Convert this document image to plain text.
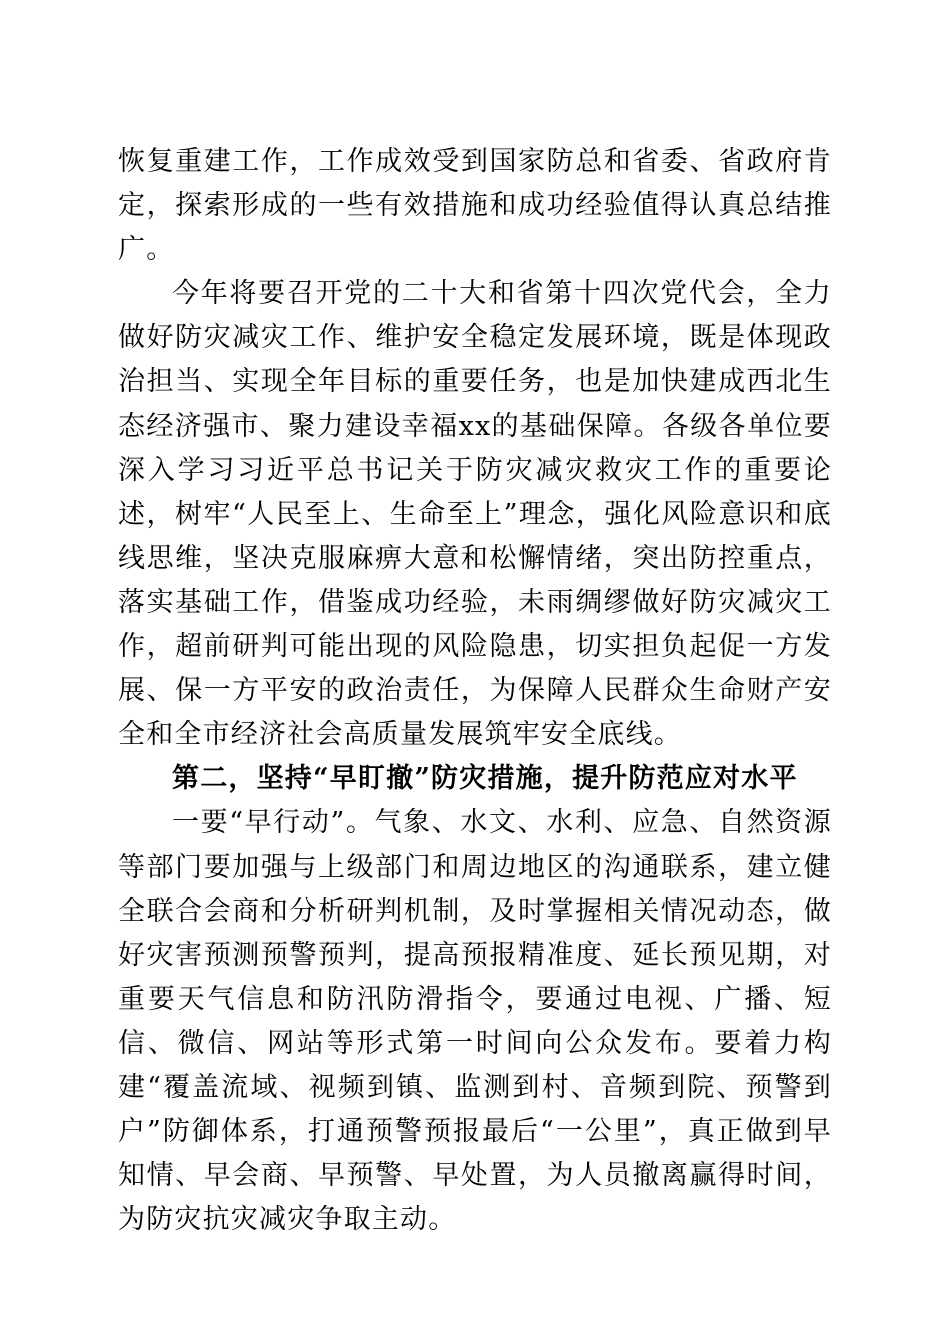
恢复重建工作，工作成效受到国家防总和省委、省政府肯定，探索形成的一些有效措施和成功经验值得认真总结推广。

今年将要召开党的二十大和省第十四次党代会，全力做好防灾减灾工作、维护安全稳定发展环境，既是体现政治担当、实现全年目标的重要任务，也是加快建成西北生态经济强市、聚力建设幸福xx的基础保障。各级各单位要深入学习习近平总书记关于防灾减灾救灾工作的重要论述，树牢“人民至上、生命至上”理念，强化风险意识和底线思维，坚决克服麻痹大意和松懈情绪，突出防控重点，落实基础工作，借鉴成功经验，未雨绸缪做好防灾减灾工作，超前研判可能出现的风险隐患，切实担负起促一方发展、保一方平安的政治责任，为保障人民群众生命财产安全和全市经济社会高质量发展筑牢安全底线。

第二，坚持“早盯撤”防灾措施，提升防范应对水平

一要“早行动”。气象、水文、水利、应急、自然资源等部门要加强与上级部门和周边地区的沟通联系，建立健全联合会商和分析研判机制，及时掌握相关情况动态，做好灾害预测预警预判，提高预报精准度、延长预见期，对重要天气信息和防汛防滑指令，要通过电视、广播、短信、微信、网站等形式第一时间向公众发布。要着力构建“覆盖流域、视频到镇、监测到村、音频到院、预警到户”防御体系，打通预警预报最后“一公里”，真正做到早知情、早会商、早预警、早处置，为人员撤离赢得时间，为防灾抗灾减灾争取主动。
